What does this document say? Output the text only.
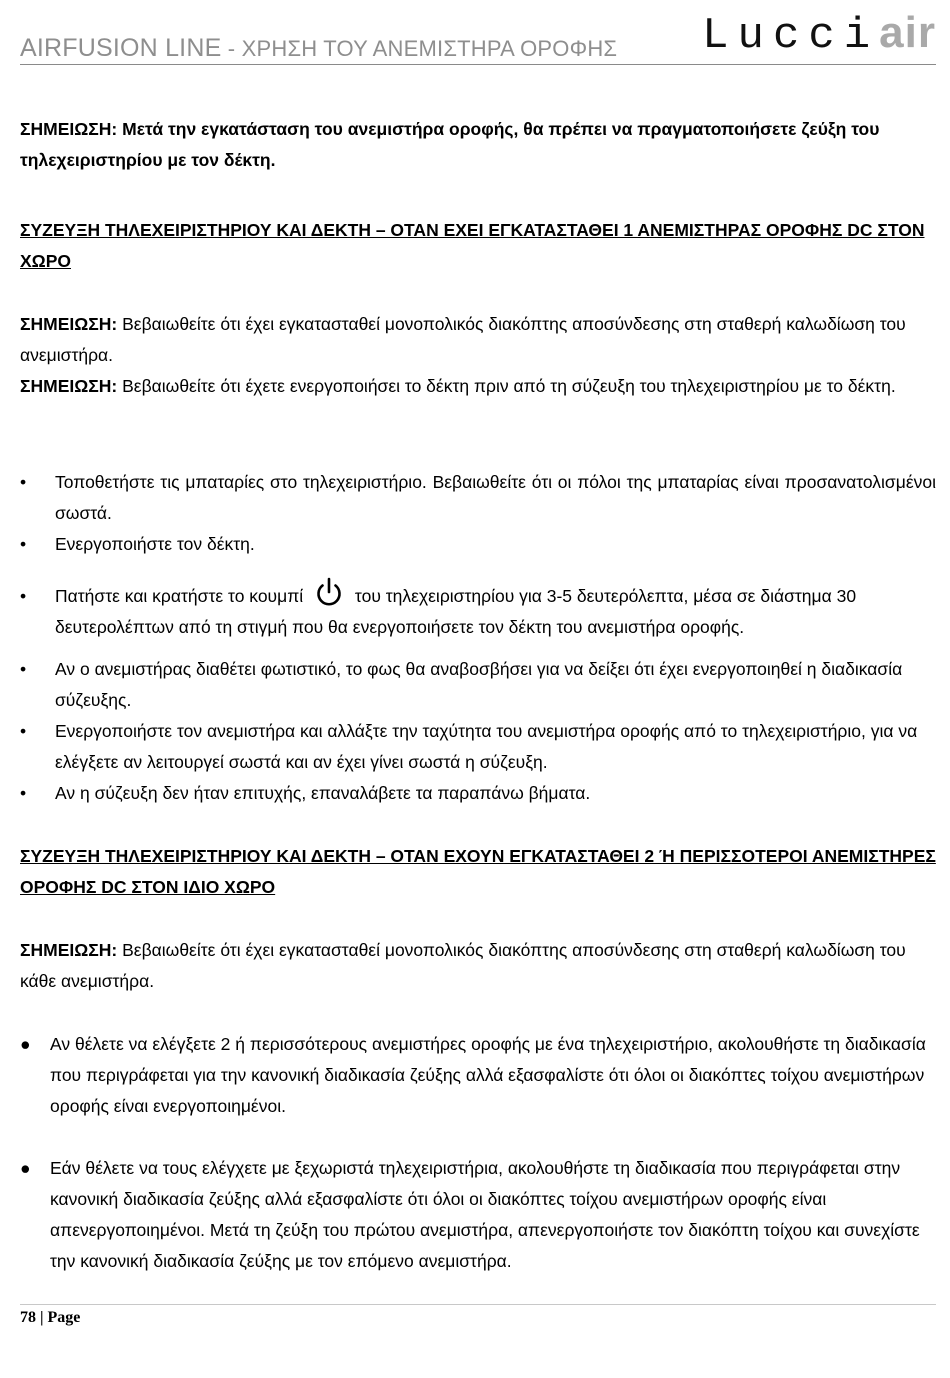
AIRFUSION LINE - ΧΡΗΣΗ ΤΟΥ ΑΝΕΜΙΣΤΗΡΑ ΟΡΟΦΗΣ Lucciair
ΣΗΜΕΙΩΣΗ: Μετά την εγκατάσταση του ανεμιστήρα οροφής, θα πρέπει να πραγματοποιήσετε ζεύξη του τηλεχειριστηρίου με τον δέκτη.
ΣΥΖΕΥΞΗ ΤΗΛΕΧΕΙΡΙΣΤΗΡΙΟΥ ΚΑΙ ΔΕΚΤΗ – ΟΤΑΝ ΕΧΕΙ ΕΓΚΑΤΑΣΤΑΘΕΙ 1 ΑΝΕΜΙΣΤΗΡΑΣ ΟΡΟΦΗΣ DC ΣΤΟΝ ΧΩΡΟ
ΣΗΜΕΙΩΣΗ: Βεβαιωθείτε ότι έχει εγκατασταθεί μονοπολικός διακόπτης αποσύνδεσης στη σταθερή καλωδίωση του ανεμιστήρα.
ΣΗΜΕΙΩΣΗ: Βεβαιωθείτε ότι έχετε ενεργοποιήσει το δέκτη πριν από τη σύζευξη του τηλεχειριστηρίου με το δέκτη.
• Τοποθετήστε τις μπαταρίες στο τηλεχειριστήριο. Βεβαιωθείτε ότι οι πόλοι της μπαταρίας είναι προσανατολισμένοι σωστά.
• Ενεργοποιήστε τον δέκτη.
• Πατήστε και κρατήστε το κουμπί	του τηλεχειριστηρίου για 3-5 δευτερόλεπτα, μέσα σε διάστημα 30
δευτερολέπτων από τη στιγμή που θα ενεργοποιήσετε τον δέκτη του ανεμιστήρα οροφής.
• Αν ο ανεμιστήρας διαθέτει φωτιστικό, το φως θα αναβοσβήσει για να δείξει ότι έχει ενεργοποιηθεί η διαδικασία σύζευξης.
• Ενεργοποιήστε τον ανεμιστήρα και αλλάξτε την ταχύτητα του ανεμιστήρα οροφής από το τηλεχειριστήριο, για να ελέγξετε αν λειτουργεί σωστά και αν έχει γίνει σωστά η σύζευξη.
• Αν η σύζευξη δεν ήταν επιτυχής, επαναλάβετε τα παραπάνω βήματα.
ΣΥΖΕΥΞΗ ΤΗΛΕΧΕΙΡΙΣΤΗΡΙΟΥ ΚΑΙ ΔΕΚΤΗ – ΟΤΑΝ ΕΧΟΥΝ ΕΓΚΑΤΑΣΤΑΘΕΙ 2 Ή ΠΕΡΙΣΣΟΤΕΡΟΙ ΑΝΕΜΙΣΤΗΡΕΣ ΟΡΟΦΗΣ DC ΣΤΟΝ ΙΔΙΟ ΧΩΡΟ
ΣΗΜΕΙΩΣΗ: Βεβαιωθείτε ότι έχει εγκατασταθεί μονοπολικός διακόπτης αποσύνδεσης στη σταθερή καλωδίωση του κάθε ανεμιστήρα.
● Αν θέλετε να ελέγξετε 2 ή περισσότερους ανεμιστήρες οροφής με ένα τηλεχειριστήριο, ακολουθήστε τη διαδικασία που περιγράφεται για την κανονική διαδικασία ζεύξης αλλά εξασφαλίστε ότι όλοι οι διακόπτες τοίχου ανεμιστήρων οροφής είναι ενεργοποιημένοι.
● Εάν θέλετε να τους ελέγχετε με ξεχωριστά τηλεχειριστήρια, ακολουθήστε τη διαδικασία που περιγράφεται στην κανονική διαδικασία ζεύξης αλλά εξασφαλίστε ότι όλοι οι διακόπτες τοίχου ανεμιστήρων οροφής είναι απενεργοποιημένοι. Μετά τη ζεύξη του πρώτου ανεμιστήρα, απενεργοποιήστε τον διακόπτη τοίχου και συνεχίστε την κανονική διαδικασία ζεύξης με τον επόμενο ανεμιστήρα.
78 | Page
